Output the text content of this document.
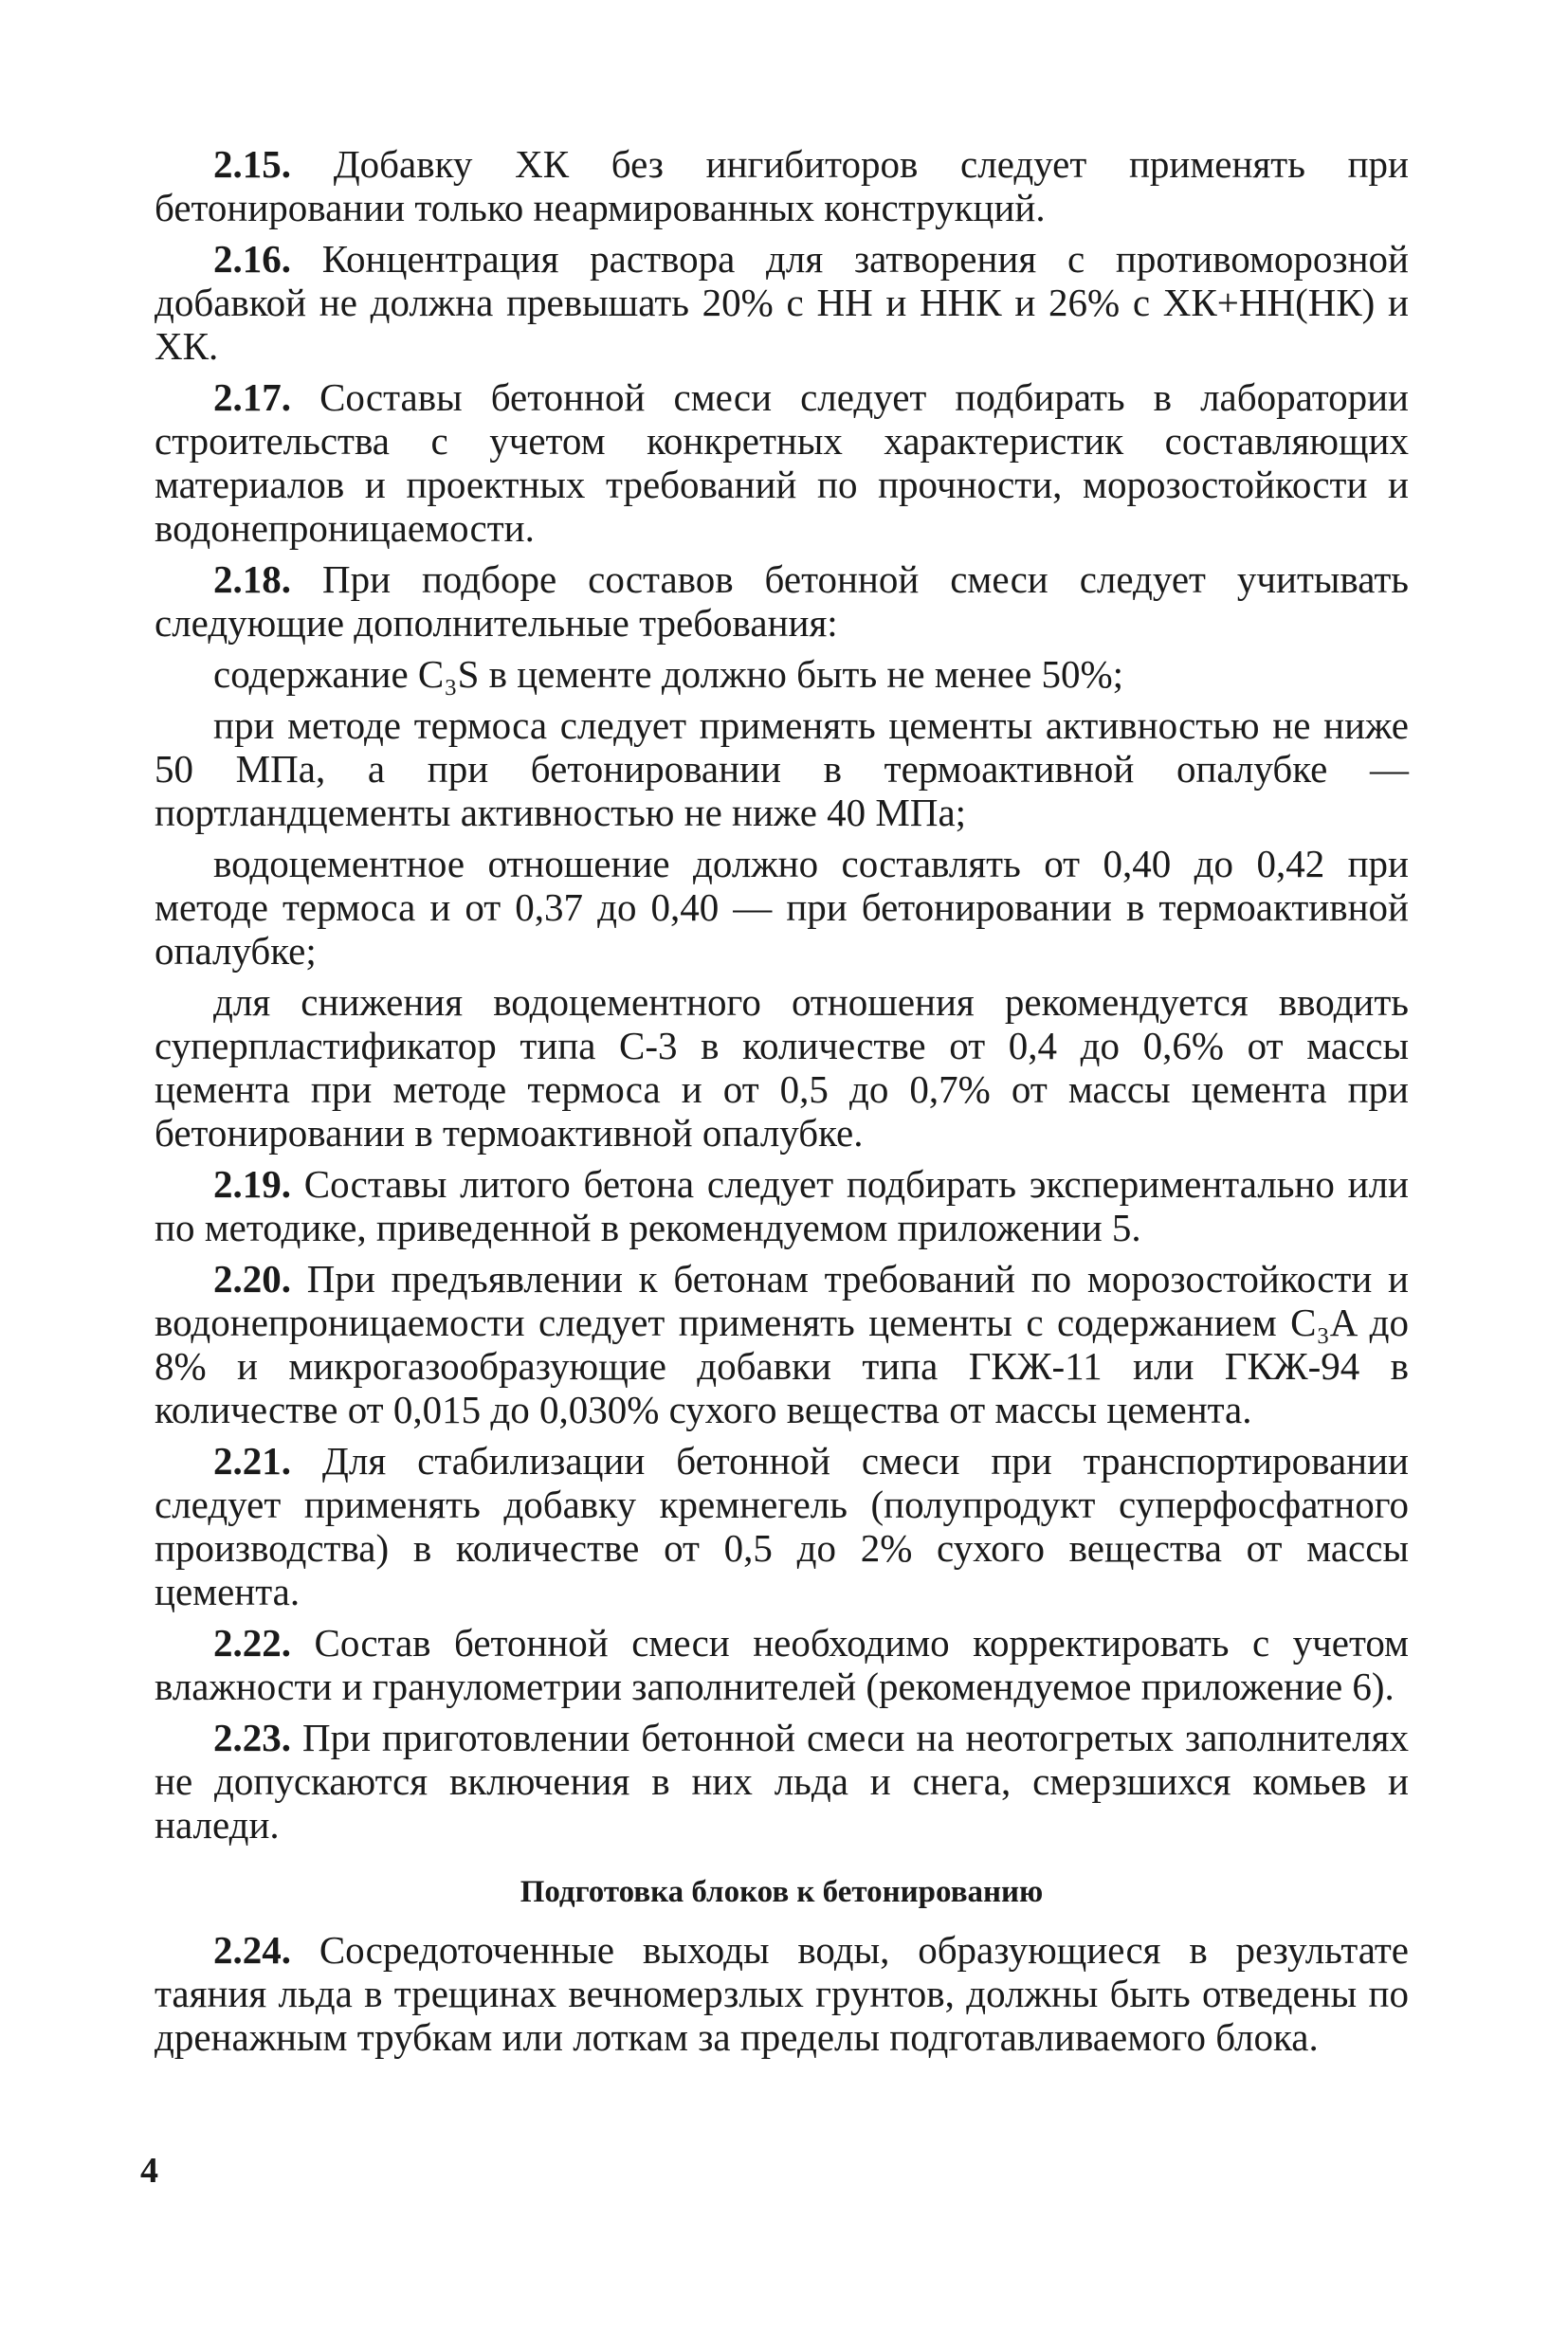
2.15. Добавку ХК без ингибиторов следует применять при бетонировании только неармированных конструкций.
2.16. Концентрация раствора для затворения с противоморозной добавкой не должна превышать 20% с НН и ННК и 26% с ХК+НН(НК) и ХК.
2.17. Составы бетонной смеси следует подбирать в лаборатории строительства с учетом конкретных характеристик составляющих материалов и проектных требований по прочности, морозостойкости и водонепроницаемости.
2.18. При подборе составов бетонной смеси следует учитывать следующие дополнительные требования:
содержание C₃S в цементе должно быть не менее 50%;
при методе термоса следует применять цементы активностью не ниже 50 МПа, а при бетонировании в термоактивной опалубке — портландцементы активностью не ниже 40 МПа;
водоцементное отношение должно составлять от 0,40 до 0,42 при методе термоса и от 0,37 до 0,40 — при бетонировании в термоактивной опалубке;
для снижения водоцементного отношения рекомендуется вводить суперпластификатор типа С-3 в количестве от 0,4 до 0,6% от массы цемента при методе термоса и от 0,5 до 0,7% от массы цемента при бетонировании в термоактивной опалубке.
2.19. Составы литого бетона следует подбирать экспериментально или по методике, приведенной в рекомендуемом приложении 5.
2.20. При предъявлении к бетонам требований по морозостойкости и водонепроницаемости следует применять цементы с содержанием C₃A до 8% и микрогазообразующие добавки типа ГКЖ-11 или ГКЖ-94 в количестве от 0,015 до 0,030% сухого вещества от массы цемента.
2.21. Для стабилизации бетонной смеси при транспортировании следует применять добавку кремнегель (полупродукт суперфосфатного производства) в количестве от 0,5 до 2% сухого вещества от массы цемента.
2.22. Состав бетонной смеси необходимо корректировать с учетом влажности и гранулометрии заполнителей (рекомендуемое приложение 6).
2.23. При приготовлении бетонной смеси на неотогретых заполнителях не допускаются включения в них льда и снега, смерзшихся комьев и наледи.
Подготовка блоков к бетонированию
2.24. Сосредоточенные выходы воды, образующиеся в результате таяния льда в трещинах вечномерзлых грунтов, должны быть отведены по дренажным трубкам или лоткам за пределы подготавливаемого блока.
4
